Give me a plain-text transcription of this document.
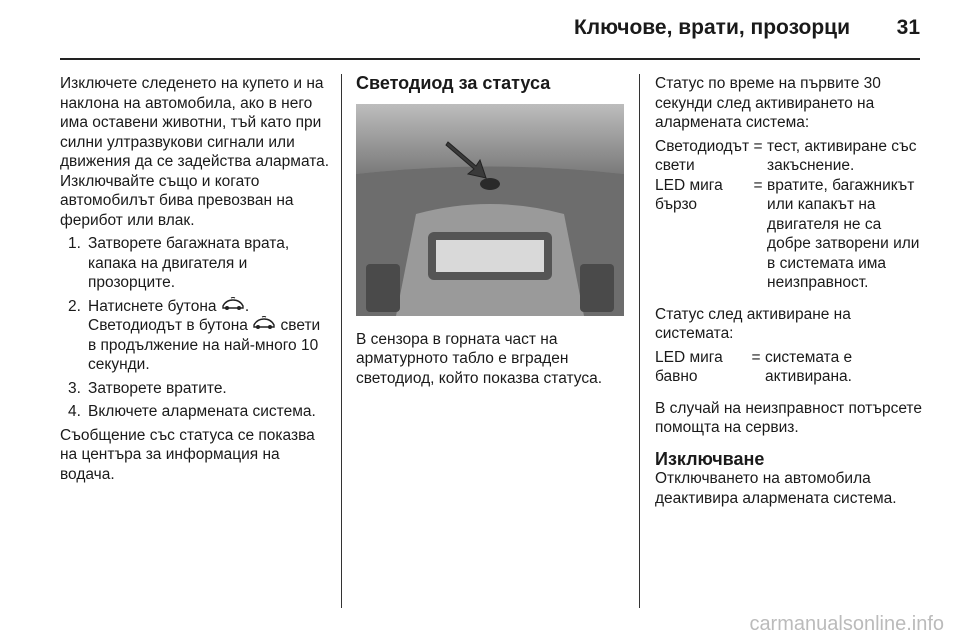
Ключове, врати, прозорци 31

Изключете следенето на купето и на наклона на автомобила, ако в него има оставени животни, тъй като при силни ултразвукови сигнали или движения да се задейства алармата. Изключвайте също и когато автомобилът бива превозван на ферибот или влак.

1. Затворете багажната врата, капака на двигателя и прозорците.
2. Натиснете бутона . Светодиодът в бутона свети в продължение на най-много 10 секунди.
3. Затворете вратите.
4. Включете алармената система.

Съобщение със статуса се показва на центъра за информация на водача.

Светодиод за статуса

В сензора в горната част на арматурното табло е вграден светодиод, който показва статуса.

Статус по време на първите 30 секунди след активирането на алармената система:

Светодиодът свети	=	тест, активиране със закъснение.
LED мига бързо	=	вратите, багажникът или капакът на двигателя не са добре затворени или в системата има неизправност.

Статус след активиране на системата:

LED мига бавно	=	системата е активирана.

В случай на неизправност потърсете помощта на сервиз.

Изключване

Отключването на автомобила деактивира алармената система.

carmanualsonline.info
